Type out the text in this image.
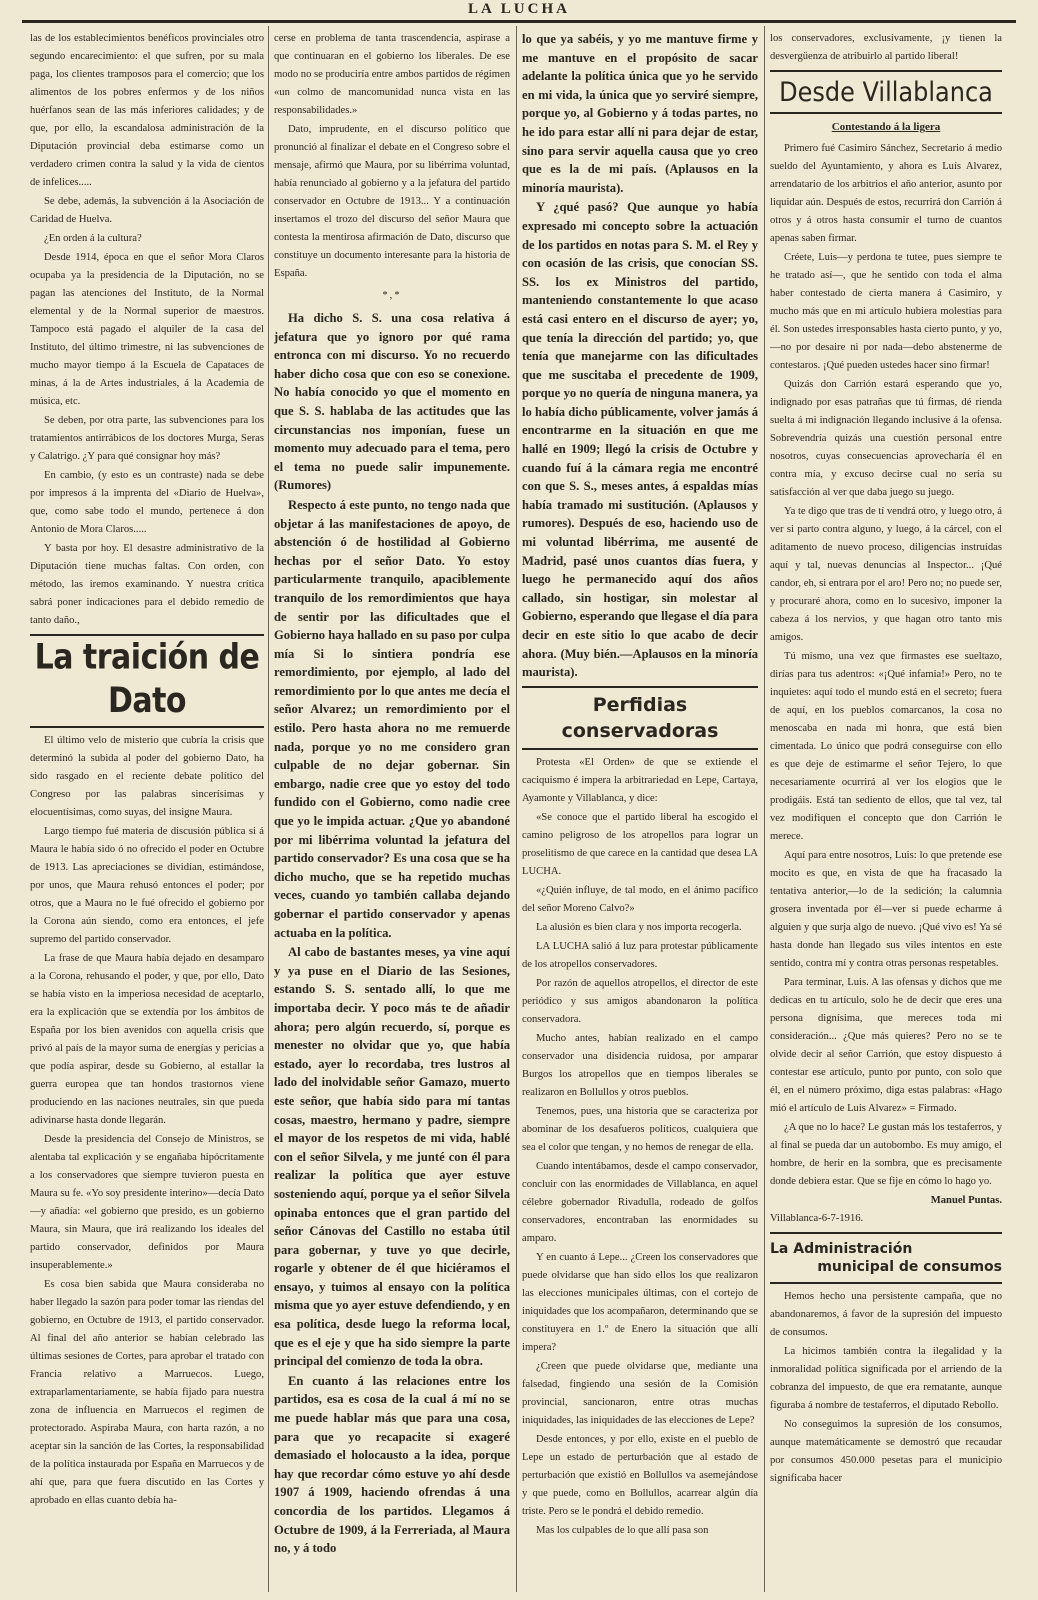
LA LUCHA

las de los establecimientos benéficos provinciales otro segundo encarecimiento: el que sufren, por su mala paga, los clientes tramposos para el comercio; que los alimentos de los pobres enfermos y de los niños huérfanos sean de las más inferiores calidades; y de que, por ello, la escandalosa administración de la Diputación provincial deba estimarse como un verdadero crimen contra la salud y la vida de cientos de infelices.....

Se debe, además, la subvención á la Asociación de Caridad de Huelva.

¿En orden á la cultura?

Desde 1914, época en que el señor Mora Claros ocupaba ya la presidencia de la Diputación, no se pagan las atenciones del Instituto, de la Normal elemental y de la Normal superior de maestros. Tampoco está pagado el alquiler de la casa del Instituto, del último trimestre, ni las subvenciones de mucho mayor tiempo á la Escuela de Capataces de minas, á la de Artes industriales, á la Academia de música, etc.

Se deben, por otra parte, las subvenciones para los tratamientos antirrábicos de los doctores Murga, Seras y Calatrigo. ¿Y para qué consignar hoy más?

En cambio, (y esto es un contraste) nada se debe por impresos á la imprenta del «Diario de Huelva», que, como sabe todo el mundo, pertenece á don Antonio de Mora Claros.....

Y basta por hoy. El desastre administrativo de la Diputación tiene muchas faltas. Con orden, con método, las iremos examinando. Y nuestra crítica sabrá poner indicaciones para el debido remedio de tanto daño.,

La traición de Dato

El último velo de misterio que cubría la crisis que determinó la subida al poder del gobierno Dato, ha sido rasgado en el reciente debate político del Congreso por las palabras sincerísimas y elocuentísimas, como suyas, del insigne Maura.

Largo tiempo fué materia de discusión pública si á Maura le había sido ó no ofrecido el poder en Octubre de 1913. Las apreciaciones se dividían, estimándose, por unos, que Maura rehusó entonces el poder; por otros, que a Maura no le fué ofrecido el gobierno por la Corona aún siendo, como era entonces, el jefe supremo del partido conservador.

La frase de que Maura había dejado en desamparo a la Corona, rehusando el poder, y que, por ello, Dato se había visto en la imperiosa necesidad de aceptarlo, era la explicación que se extendía por los ámbitos de España por los bien avenidos con aquella crisis que privó al país de la mayor suma de energías y pericias a que podía aspirar, desde su Gobierno, al estallar la guerra europea que tan hondos trastornos viene produciendo en las naciones neutrales, sin que pueda adivinarse hasta donde llegarán.

Desde la presidencia del Consejo de Ministros, se alentaba tal explicación y se engañaba hipócritamente a los conservadores que siempre tuvieron puesta en Maura su fe. «Yo soy presidente interino»—decía Dato—y añadía: «el gobierno que presido, es un gobierno Maura, sin Maura, que irá realizando los ideales del partido conservador, definidos por Maura insuperablemente.»

Es cosa bien sabida que Maura consideraba no haber llegado la sazón para poder tomar las riendas del gobierno, en Octubre de 1913, el partido conservador. Al final del año anterior se habían celebrado las últimas sesiones de Cortes, para aprobar el tratado con Francia relativo a Marruecos. Luego, extraparlamentariamente, se había fijado para nuestra zona de influencia en Marruecos el regimen de protectorado. Aspiraba Maura, con harta razón, a no aceptar sin la sanción de las Cortes, la responsabilidad de la política instaurada por España en Marruecos y de ahí que, para que fuera discutido en las Cortes y aprobado en ellas cuanto debía ha-

cerse en problema de tanta trascendencia, aspirase a que continuaran en el gobierno los liberales. De ese modo no se produciría entre ambos partidos de régimen «un colmo de mancomunidad nunca vista en las responsabilidades.»

Dato, imprudente, en el discurso político que pronunció al finalizar el debate en el Congreso sobre el mensaje, afirmó que Maura, por su libérrima voluntad, había renunciado al gobierno y a la jefatura del partido conservador en Octubre de 1913... Y a continuación insertamos el trozo del discurso del señor Maura que contesta la mentirosa afirmación de Dato, discurso que constituye un documento interesante para la historia de España.

*,*

Ha dicho S. S. una cosa relativa á jefatura que yo ignoro por qué rama entronca con mi discurso. Yo no recuerdo haber dicho cosa que con eso se conexione. No había conocido yo que el momento en que S. S. hablaba de las actitudes que las circunstancias nos imponían, fuese un momento muy adecuado para el tema, pero el tema no puede salir impunemente. (Rumores)

Respecto á este punto, no tengo nada que objetar á las manifestaciones de apoyo, de abstención ó de hostilidad al Gobierno hechas por el señor Dato. Yo estoy particularmente tranquilo, apaciblemente tranquilo de los remordimientos que haya de sentir por las dificultades que el Gobierno haya hallado en su paso por culpa mía Si lo sintiera pondría ese remordimiento, por ejemplo, al lado del remordimiento por lo que antes me decía el señor Alvarez; un remordimiento por el estilo. Pero hasta ahora no me remuerde nada, porque yo no me considero gran culpable de no dejar gobernar. Sin embargo, nadie cree que yo estoy del todo fundido con el Gobierno, como nadie cree que yo le impida actuar. ¿Que yo abandoné por mi libérrima voluntad la jefatura del partido conservador? Es una cosa que se ha dicho mucho, que se ha repetido muchas veces, cuando yo también callaba dejando gobernar el partido conservador y apenas actuaba en la política.

Al cabo de bastantes meses, ya vine aquí y ya puse en el Diario de las Sesiones, estando S. S. sentado allí, lo que me importaba decir. Y poco más te de añadir ahora; pero algún recuerdo, sí, porque es menester no olvidar que yo, que había estado, ayer lo recordaba, tres lustros al lado del inolvidable señor Gamazo, muerto este señor, que había sido para mí tantas cosas, maestro, hermano y padre, siempre el mayor de los respetos de mi vida, hablé con el señor Silvela, y me junté con él para realizar la política que ayer estuve sosteniendo aquí, porque ya el señor Silvela opinaba entonces que el gran partido del señor Cánovas del Castillo no estaba útil para gobernar, y tuve yo que decirle, rogarle y obtener de él que hiciéramos el ensayo, y tuimos al ensayo con la política misma que yo ayer estuve defendiendo, y en esa política, desde luego la reforma local, que es el eje y que ha sido siempre la parte principal del comienzo de toda la obra.

En cuanto á las relaciones entre los partidos, esa es cosa de la cual á mí no se me puede hablar más que para una cosa, para que yo recapacite si exageré demasiado el holocausto a la idea, porque hay que recordar cómo estuve yo ahí desde 1907 á 1909, haciendo ofrendas á una concordia de los partidos. Llegamos á Octubre de 1909, á la Ferreriada, al Maura no, y á todo

lo que ya sabéis, y yo me mantuve firme y me mantuve en el propósito de sacar adelante la política única que yo he servido en mi vida, la única que yo serviré siempre, porque yo, al Gobierno y á todas partes, no he ido para estar allí ni para dejar de estar, sino para servir aquella causa que yo creo que es la de mi país. (Aplausos en la minoría maurista).

Y ¿qué pasó? Que aunque yo había expresado mi concepto sobre la actuación de los partidos en notas para S. M. el Rey y con ocasión de las crisis, que conocían SS. SS. los ex Ministros del partido, manteniendo constantemente lo que acaso está casi entero en el discurso de ayer; yo, que tenía la dirección del partido; yo, que tenía que manejarme con las dificultades que me suscitaba el precedente de 1909, porque yo no quería de ninguna manera, ya lo había dicho públicamente, volver jamás á encontrarme en la situación en que me hallé en 1909; llegó la crisis de Octubre y cuando fuí á la cámara regia me encontré con que S. S., meses antes, á espaldas mías había tramado mi sustitución. (Aplausos y rumores). Después de eso, haciendo uso de mi voluntad libérrima, me ausenté de Madrid, pasé unos cuantos días fuera, y luego he permanecido aquí dos años callado, sin hostigar, sin molestar al Gobierno, esperando que llegase el día para decir en este sitio lo que acabo de decir ahora. (Muy bién.—Aplausos en la minoría maurista).

Perfidias conservadoras

Protesta «El Orden» de que se extiende el caciquismo é impera la arbitrariedad en Lepe, Cartaya, Ayamonte y Villablanca, y dice:

«Se conoce que el partido liberal ha escogido el camino peligroso de los atropellos para lograr un proselitismo de que carece en la cantidad que desea LA LUCHA.

«¿Quién influye, de tal modo, en el ánimo pacífico del señor Moreno Calvo?»

La alusión es bien clara y nos importa recogerla.

LA LUCHA salió á luz para protestar públicamente de los atropellos conservadores.

Por razón de aquellos atropellos, el director de este periódico y sus amigos abandonaron la política conservadora.

Mucho antes, habían realizado en el campo conservador una disidencia ruidosa, por amparar Burgos los atropellos que en tiempos liberales se realizaron en Bollullos y otros pueblos.

Tenemos, pues, una historia que se caracteriza por abominar de los desafueros políticos, cualquiera que sea el color que tengan, y no hemos de renegar de ella.

Cuando intentábamos, desde el campo conservador, concluir con las enormidades de Villablanca, en aquel célebre gobernador Rivadulla, rodeado de golfos conservadores, encontraban las enormidades su amparo.

Y en cuanto á Lepe... ¿Creen los conservadores que puede olvidarse que han sido ellos los que realizaron las elecciones municipales últimas, con el cortejo de iniquidades que los acompañaron, determinando que se constituyera en 1.º de Enero la situación que allí impera?

¿Creen que puede olvidarse que, mediante una falsedad, fingiendo una sesión de la Comisión provincial, sancionaron, entre otras muchas iniquidades, las iniquidades de las elecciones de Lepe?

Desde entonces, y por ello, existe en el pueblo de Lepe un estado de perturbación que al estado de perturbación que existió en Bollullos va asemejándose y que puede, como en Bollullos, acarrear algún día triste. Pero se le pondrá el debido remedio.

Mas los culpables de lo que allí pasa son

los conservadores, exclusivamente, ¡y tienen la desvergüenza de atribuirlo al partido liberal!

Desde Villablanca
Contestando á la ligera

Primero fué Casimiro Sánchez, Secretario á medio sueldo del Ayuntamiento, y ahora es Luís Alvarez, arrendatario de los arbitrios el año anterior, asunto por liquidar aún. Después de estos, recurrirá don Carrión á otros y á otros hasta consumir el turno de cuantos apenas saben firmar.

Créete, Luis—y perdona te tutee, pues siempre te he tratado así—, que he sentido con toda el alma haber contestado de cierta manera á Casimiro, y mucho más que en mi artículo hubiera molestias para él. Son ustedes irresponsables hasta cierto punto, y yo, —no por desaire ni por nada—debo abstenerme de contestaros. ¡Qué pueden ustedes hacer sino firmar!

Quizás don Carrión estará esperando que yo, indignado por esas patrañas que tú firmas, dé rienda suelta á mi indignación llegando inclusive á la ofensa. Sobrevendría quizás una cuestión personal entre nosotros, cuyas consecuencias aprovecharía él en contra mía, y excuso decirse cual no sería su satisfacción al ver que daba juego su juego.

Ya te digo que tras de tí vendrá otro, y luego otro, á ver si parto contra alguno, y luego, á la cárcel, con el aditamento de nuevo proceso, diligencias instruídas aquí y tal, nuevas denuncias al Inspector... ¡Qué candor, eh, si entrara por el aro! Pero no; no puede ser, y procuraré ahora, como en lo sucesivo, imponer la cabeza á los nervios, y que hagan otro tanto mis amigos.

Tú mismo, una vez que firmastes ese sueltazo, dirías para tus adentros: «¡Qué infamia!» Pero, no te inquietes: aquí todo el mundo está en el secreto; fuera de aquí, en los pueblos comarcanos, la cosa no menoscaba en nada mi honra, que está bien cimentada. Lo único que podrá conseguirse con ello es que deje de estimarme el señor Tejero, lo que necesariamente ocurrirá al ver los elogios que le prodigáis. Está tan sediento de ellos, que tal vez, tal vez modifiquen el concepto que don Carrión le merece.

Aquí para entre nosotros, Luis: lo que pretende ese mocito es que, en vista de que ha fracasado la tentativa anterior,—lo de la sedición; la calumnia grosera inventada por él—ver si puede echarme á alguien y que surja algo de nuevo. ¡Qué vivo es! Ya sé hasta donde han llegado sus viles intentos en este sentido, contra mí y contra otras personas respetables.

Para terminar, Luis. A las ofensas y dichos que me dedicas en tu artículo, solo he de decir que eres una persona dignísima, que mereces toda mi consideración... ¿Que más quieres? Pero no se te olvide decir al señor Carrión, que estoy dispuesto á contestar ese artículo, punto por punto, con solo que él, en el número próximo, diga estas palabras: «Hago mió el artículo de Luis Alvarez» = Firmado.

¿A que no lo hace? Le gustan más los testaferros, y al final se pueda dar un autobombo. Es muy amigo, el hombre, de herir en la sombra, que es precisamente donde debiera estar. Que se fije en cómo lo hago yo.

Manuel Puntas.

Villablanca-6-7-1916.

La Administración
municipal de consumos

Hemos hecho una persistente campaña, que no abandonaremos, á favor de la supresión del impuesto de consumos.

La hicimos también contra la ilegalidad y la inmoralidad política significada por el arriendo de la cobranza del impuesto, de que era rematante, aunque figuraba á nombre de testaferros, el diputado Rebollo.

No conseguimos la supresión de los consumos, aunque matemáticamente se demostró que recaudar por consumos 450.000 pesetas para el municipio significaba hacer
